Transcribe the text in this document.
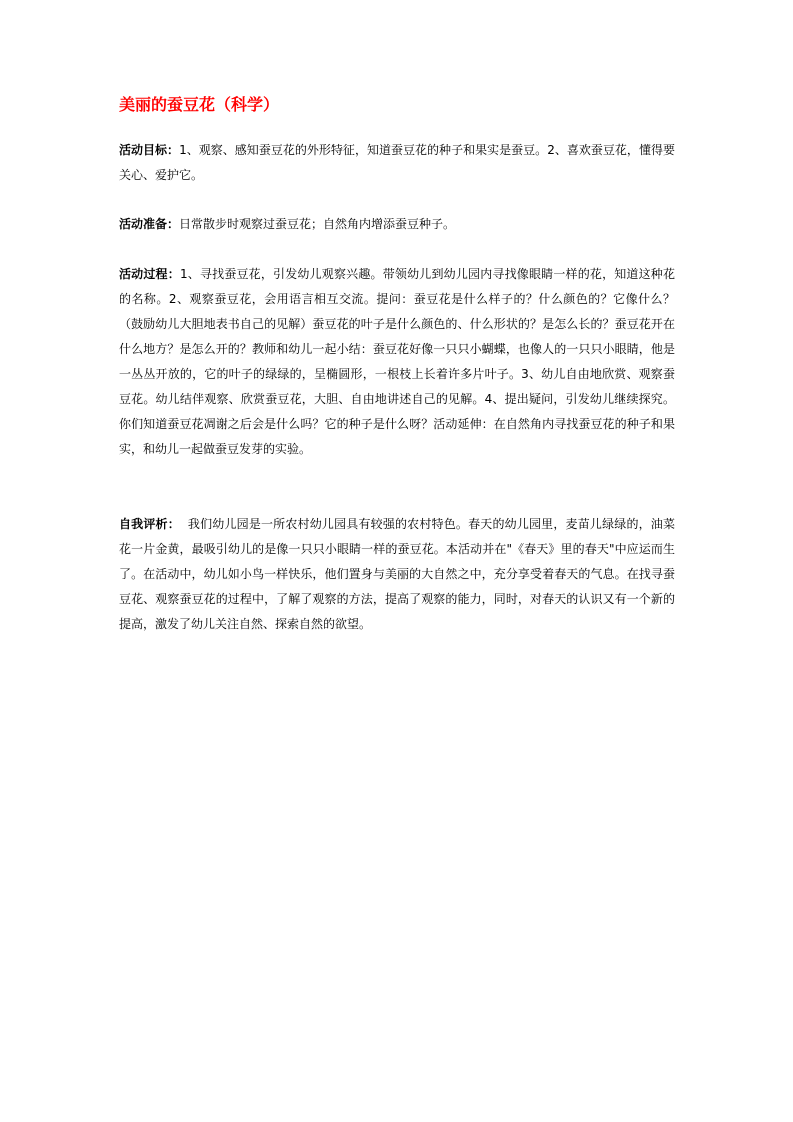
美丽的蚕豆花（科学）

活动目标：1、观察、感知蚕豆花的外形特征，知道蚕豆花的种子和果实是蚕豆。2、喜欢蚕豆花，懂得要关心、爱护它。

活动准备：日常散步时观察过蚕豆花；自然角内增添蚕豆种子。

活动过程：1、寻找蚕豆花，引发幼儿观察兴趣。带领幼儿到幼儿园内寻找像眼睛一样的花，知道这种花的名称。2、观察蚕豆花，会用语言相互交流。提问：蚕豆花是什么样子的？什么颜色的？它像什么？（鼓励幼儿大胆地表书自己的见解）蚕豆花的叶子是什么颜色的、什么形状的？是怎么长的？蚕豆花开在什么地方？是怎么开的？教师和幼儿一起小结：蚕豆花好像一只只小蝴蝶，也像人的一只只小眼睛，他是一丛丛开放的，它的叶子的绿绿的，呈椭圆形，一根枝上长着许多片叶子。3、幼儿自由地欣赏、观察蚕豆花。幼儿结伴观察、欣赏蚕豆花，大胆、自由地讲述自己的见解。4、提出疑问，引发幼儿继续探究。你们知道蚕豆花凋谢之后会是什么吗？它的种子是什么呀？活动延伸：在自然角内寻找蚕豆花的种子和果实，和幼儿一起做蚕豆发芽的实验。

自我评析：  我们幼儿园是一所农村幼儿园具有较强的农村特色。春天的幼儿园里，麦苗儿绿绿的，油菜花一片金黄，最吸引幼儿的是像一只只小眼睛一样的蚕豆花。本活动并在"《春天》里的春天"中应运而生了。在活动中，幼儿如小鸟一样快乐，他们置身与美丽的大自然之中，充分享受着春天的气息。在找寻蚕豆花、观察蚕豆花的过程中，了解了观察的方法，提高了观察的能力，同时，对春天的认识又有一个新的提高，激发了幼儿关注自然、探索自然的欲望。
